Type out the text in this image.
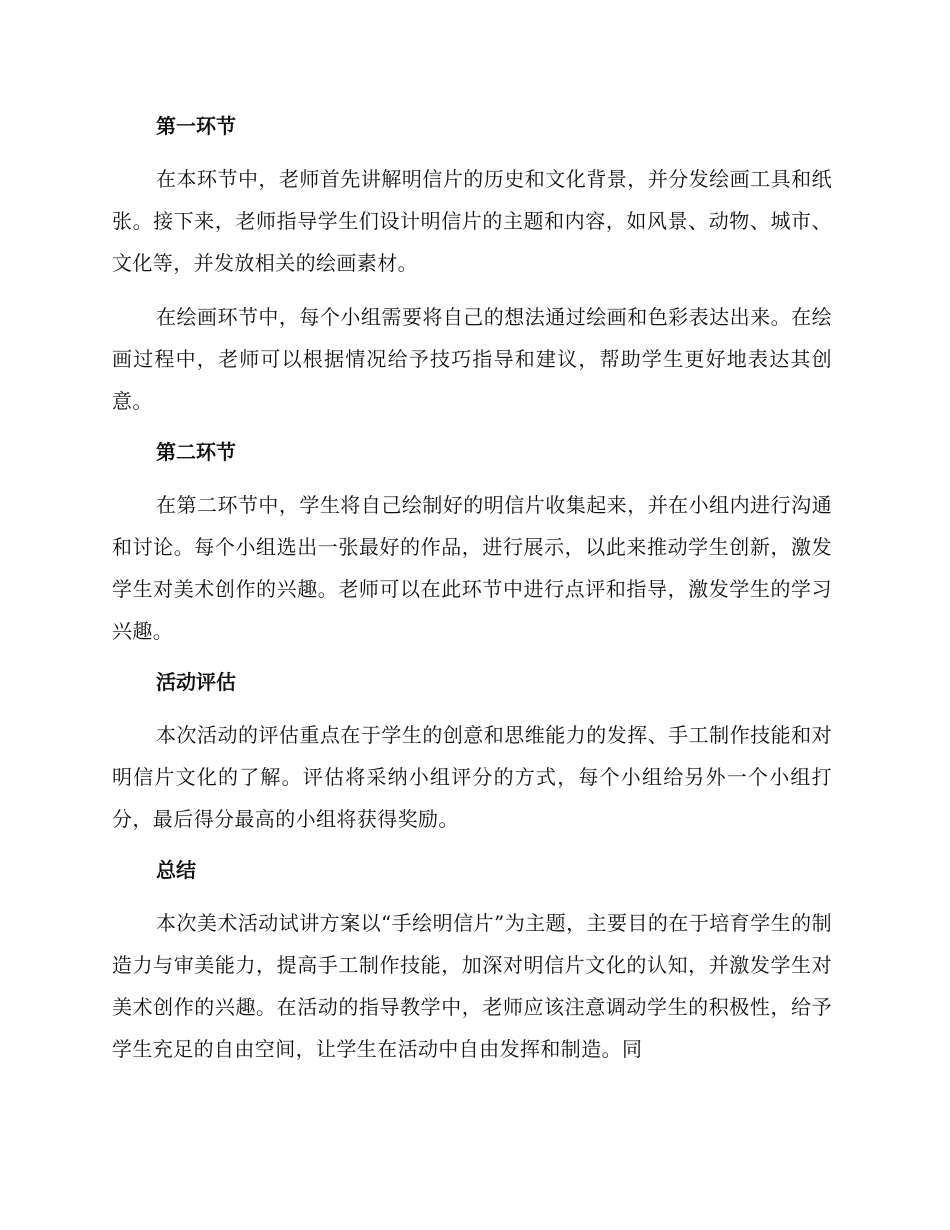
第一环节

在本环节中，老师首先讲解明信片的历史和文化背景，并分发绘画工具和纸张。接下来，老师指导学生们设计明信片的主题和内容，如风景、动物、城市、文化等，并发放相关的绘画素材。

在绘画环节中，每个小组需要将自己的想法通过绘画和色彩表达出来。在绘画过程中，老师可以根据情况给予技巧指导和建议，帮助学生更好地表达其创意。

第二环节

在第二环节中，学生将自己绘制好的明信片收集起来，并在小组内进行沟通和讨论。每个小组选出一张最好的作品，进行展示，以此来推动学生创新，激发学生对美术创作的兴趣。老师可以在此环节中进行点评和指导，激发学生的学习兴趣。

活动评估

本次活动的评估重点在于学生的创意和思维能力的发挥、手工制作技能和对明信片文化的了解。评估将采纳小组评分的方式，每个小组给另外一个小组打分，最后得分最高的小组将获得奖励。

总结

本次美术活动试讲方案以“手绘明信片”为主题，主要目的在于培育学生的制造力与审美能力，提高手工制作技能，加深对明信片文化的认知，并激发学生对美术创作的兴趣。在活动的指导教学中，老师应该注意调动学生的积极性，给予学生充足的自由空间，让学生在活动中自由发挥和制造。同
